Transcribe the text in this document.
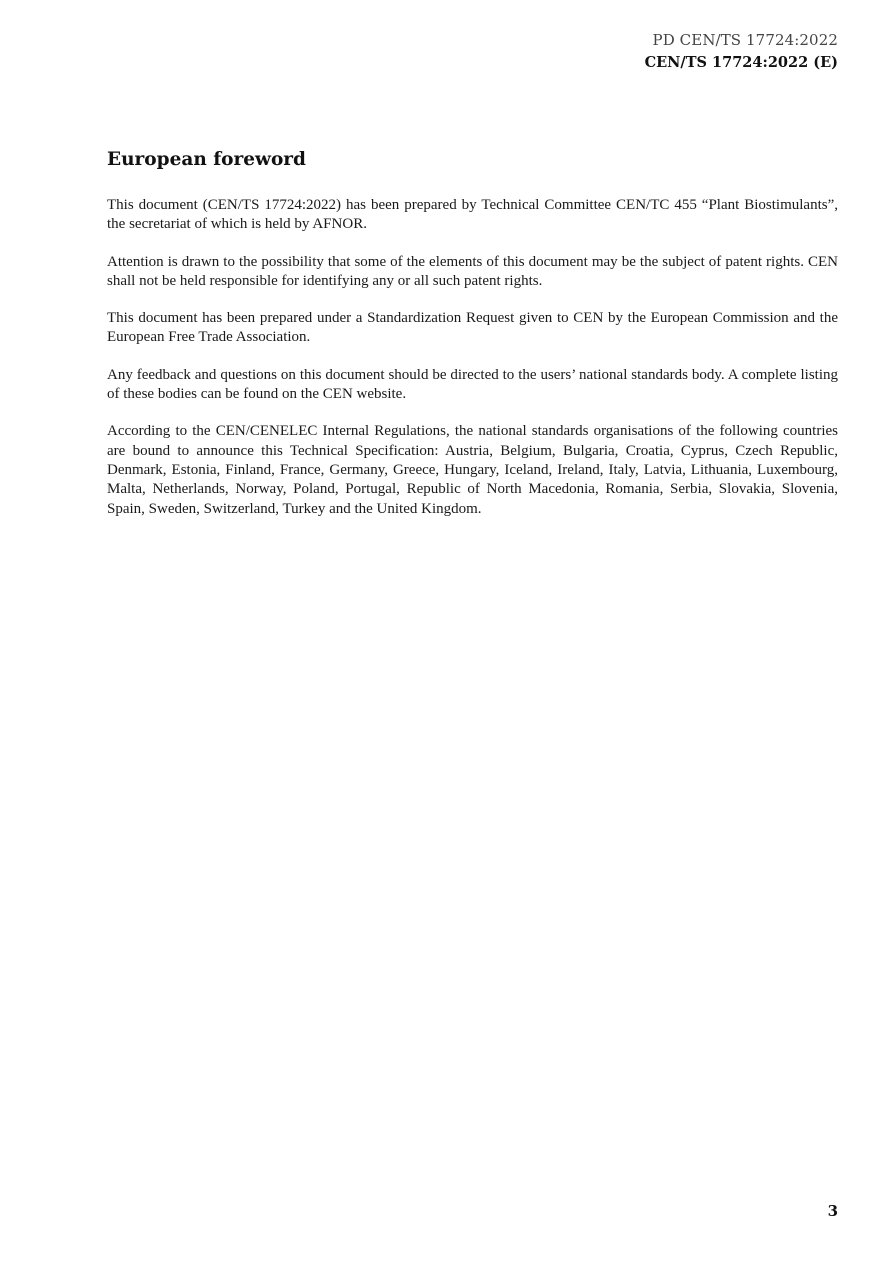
PD CEN/TS 17724:2022
CEN/TS 17724:2022 (E)
European foreword

This document (CEN/TS 17724:2022) has been prepared by Technical Committee CEN/TC 455 “Plant Biostimulants”, the secretariat of which is held by AFNOR.

Attention is drawn to the possibility that some of the elements of this document may be the subject of patent rights. CEN shall not be held responsible for identifying any or all such patent rights.

This document has been prepared under a Standardization Request given to CEN by the European Commission and the European Free Trade Association.

Any feedback and questions on this document should be directed to the users’ national standards body. A complete listing of these bodies can be found on the CEN website.

According to the CEN/CENELEC Internal Regulations, the national standards organisations of the following countries are bound to announce this Technical Specification: Austria, Belgium, Bulgaria, Croatia, Cyprus, Czech Republic, Denmark, Estonia, Finland, France, Germany, Greece, Hungary, Iceland, Ireland, Italy, Latvia, Lithuania, Luxembourg, Malta, Netherlands, Norway, Poland, Portugal, Republic of North Macedonia, Romania, Serbia, Slovakia, Slovenia, Spain, Sweden, Switzerland, Turkey and the United Kingdom.

3
